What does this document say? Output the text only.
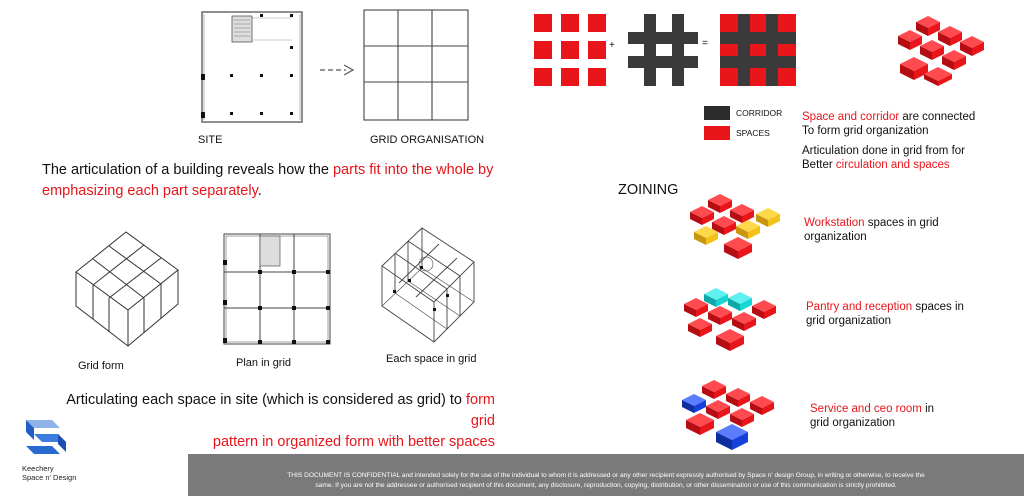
SITE	GRID ORGANISATION
The articulation of a building reveals how the parts fit into the whole by
emphasizing each part separately.
Grid form	Plan in grid	Each space in grid
Articulating each space in site (which is considered as grid) to form grid
pattern in organized form with better spaces
Keechery
Space n' Design
+	=
CORRIDOR
SPACES
Space and corridor are connected
To form grid organization
Articulation done in grid from for
Better circulation and spaces
ZOINING
Workstation spaces in grid
organization
Pantry and reception spaces in
grid organization
Service and ceo room in
grid organization
THIS DOCUMENT IS CONFIDENTIAL and intended solely for the use of the individual to whom it is addressed or any other recipient expressly authorised by Space n' design Group, in writing or otherwise, to receive the
same. If you are not the addressee or authorised recipient of this document, any disclosure, reproduction, copying, distribution, or other dissemination or use of this communication is strictly prohibited.
